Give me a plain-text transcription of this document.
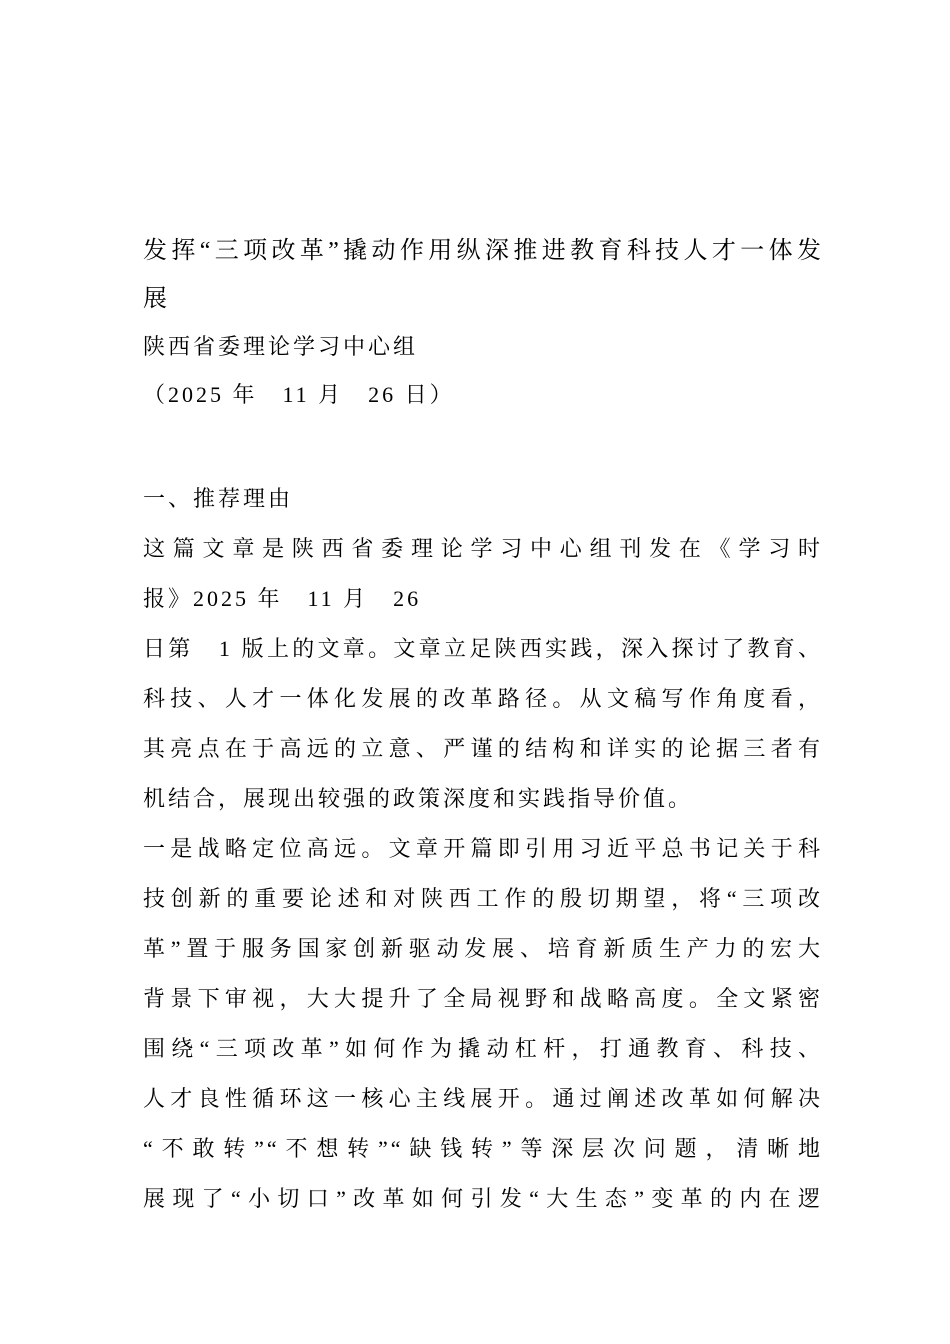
发挥“三项改革”撬动作用纵深推进教育科技人才一体发
展
陕西省委理论学习中心组
（2025 年　11 月　26 日）
一、推荐理由
这篇文章是陕西省委理论学习中心组刊发在《学习时
报》2025 年　11 月　26
日第　1 版上的文章。文章立足陕西实践，深入探讨了教育、
科技、人才一体化发展的改革路径。从文稿写作角度看，
其亮点在于高远的立意、严谨的结构和详实的论据三者有
机结合，展现出较强的政策深度和实践指导价值。
一是战略定位高远。文章开篇即引用习近平总书记关于科
技创新的重要论述和对陕西工作的殷切期望，将“三项改
革”置于服务国家创新驱动发展、培育新质生产力的宏大
背景下审视，大大提升了全局视野和战略高度。全文紧密
围绕“三项改革”如何作为撬动杠杆，打通教育、科技、
人才良性循环这一核心主线展开。通过阐述改革如何解决
“不敢转”“不想转”“缺钱转”等深层次问题，清晰地
展现了“小切口”改革如何引发“大生态”变革的内在逻
